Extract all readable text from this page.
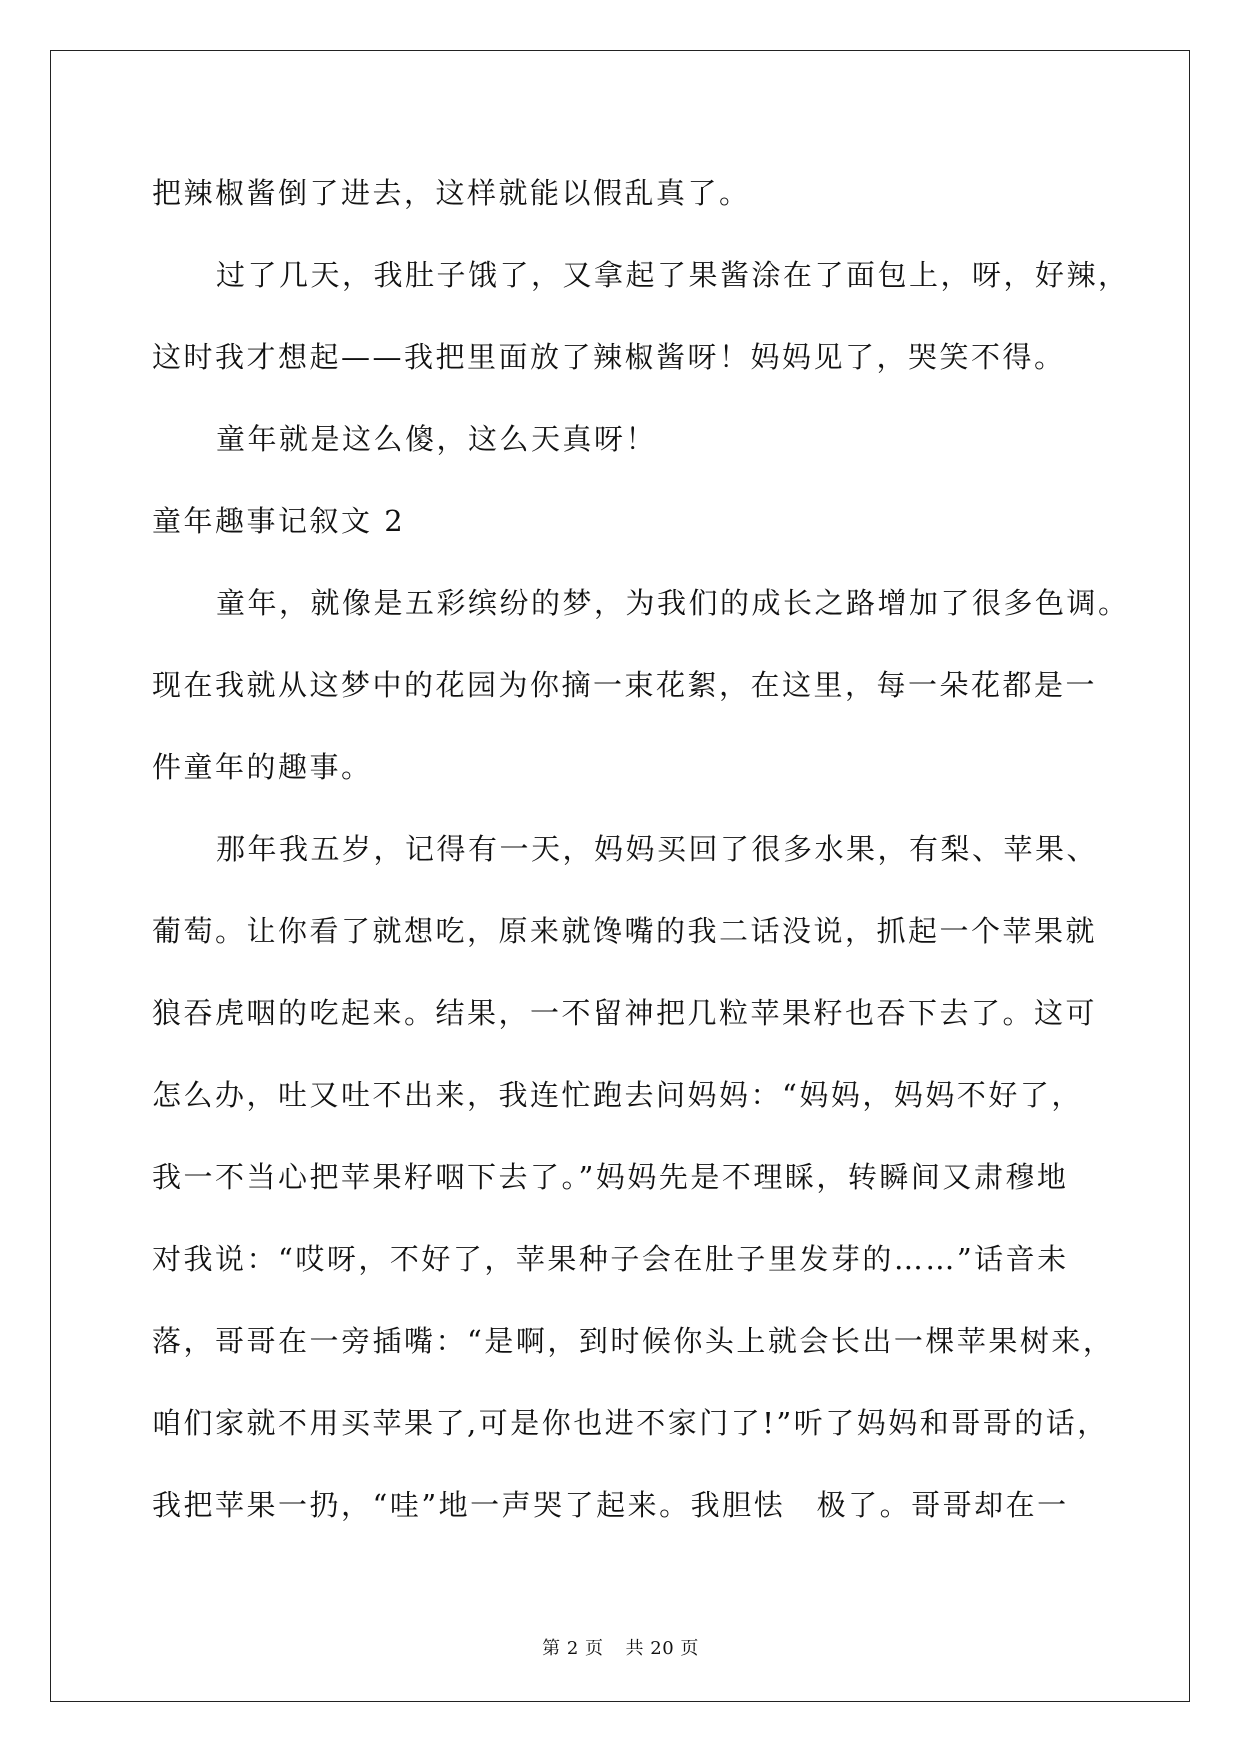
把辣椒酱倒了进去，这样就能以假乱真了。
过了几天，我肚子饿了，又拿起了果酱涂在了面包上，呀，好辣，
这时我才想起——我把里面放了辣椒酱呀！妈妈见了，哭笑不得。
童年就是这么傻，这么天真呀！
童年趣事记叙文 2
童年，就像是五彩缤纷的梦，为我们的成长之路增加了很多色调。
现在我就从这梦中的花园为你摘一束花絮，在这里，每一朵花都是一
件童年的趣事。
那年我五岁，记得有一天，妈妈买回了很多水果，有梨、苹果、
葡萄。让你看了就想吃，原来就馋嘴的我二话没说，抓起一个苹果就
狼吞虎咽的吃起来。结果，一不留神把几粒苹果籽也吞下去了。这可
怎么办，吐又吐不出来，我连忙跑去问妈妈：“妈妈，妈妈不好了，
我一不当心把苹果籽咽下去了。”妈妈先是不理睬，转瞬间又肃穆地
对我说：“哎呀，不好了，苹果种子会在肚子里发芽的……”话音未
落，哥哥在一旁插嘴：“是啊，到时候你头上就会长出一棵苹果树来，
咱们家就不用买苹果了,可是你也进不家门了!”听了妈妈和哥哥的话，
我把苹果一扔，“哇”地一声哭了起来。我胆怯　极了。哥哥却在一
第 2 页 共 20 页
